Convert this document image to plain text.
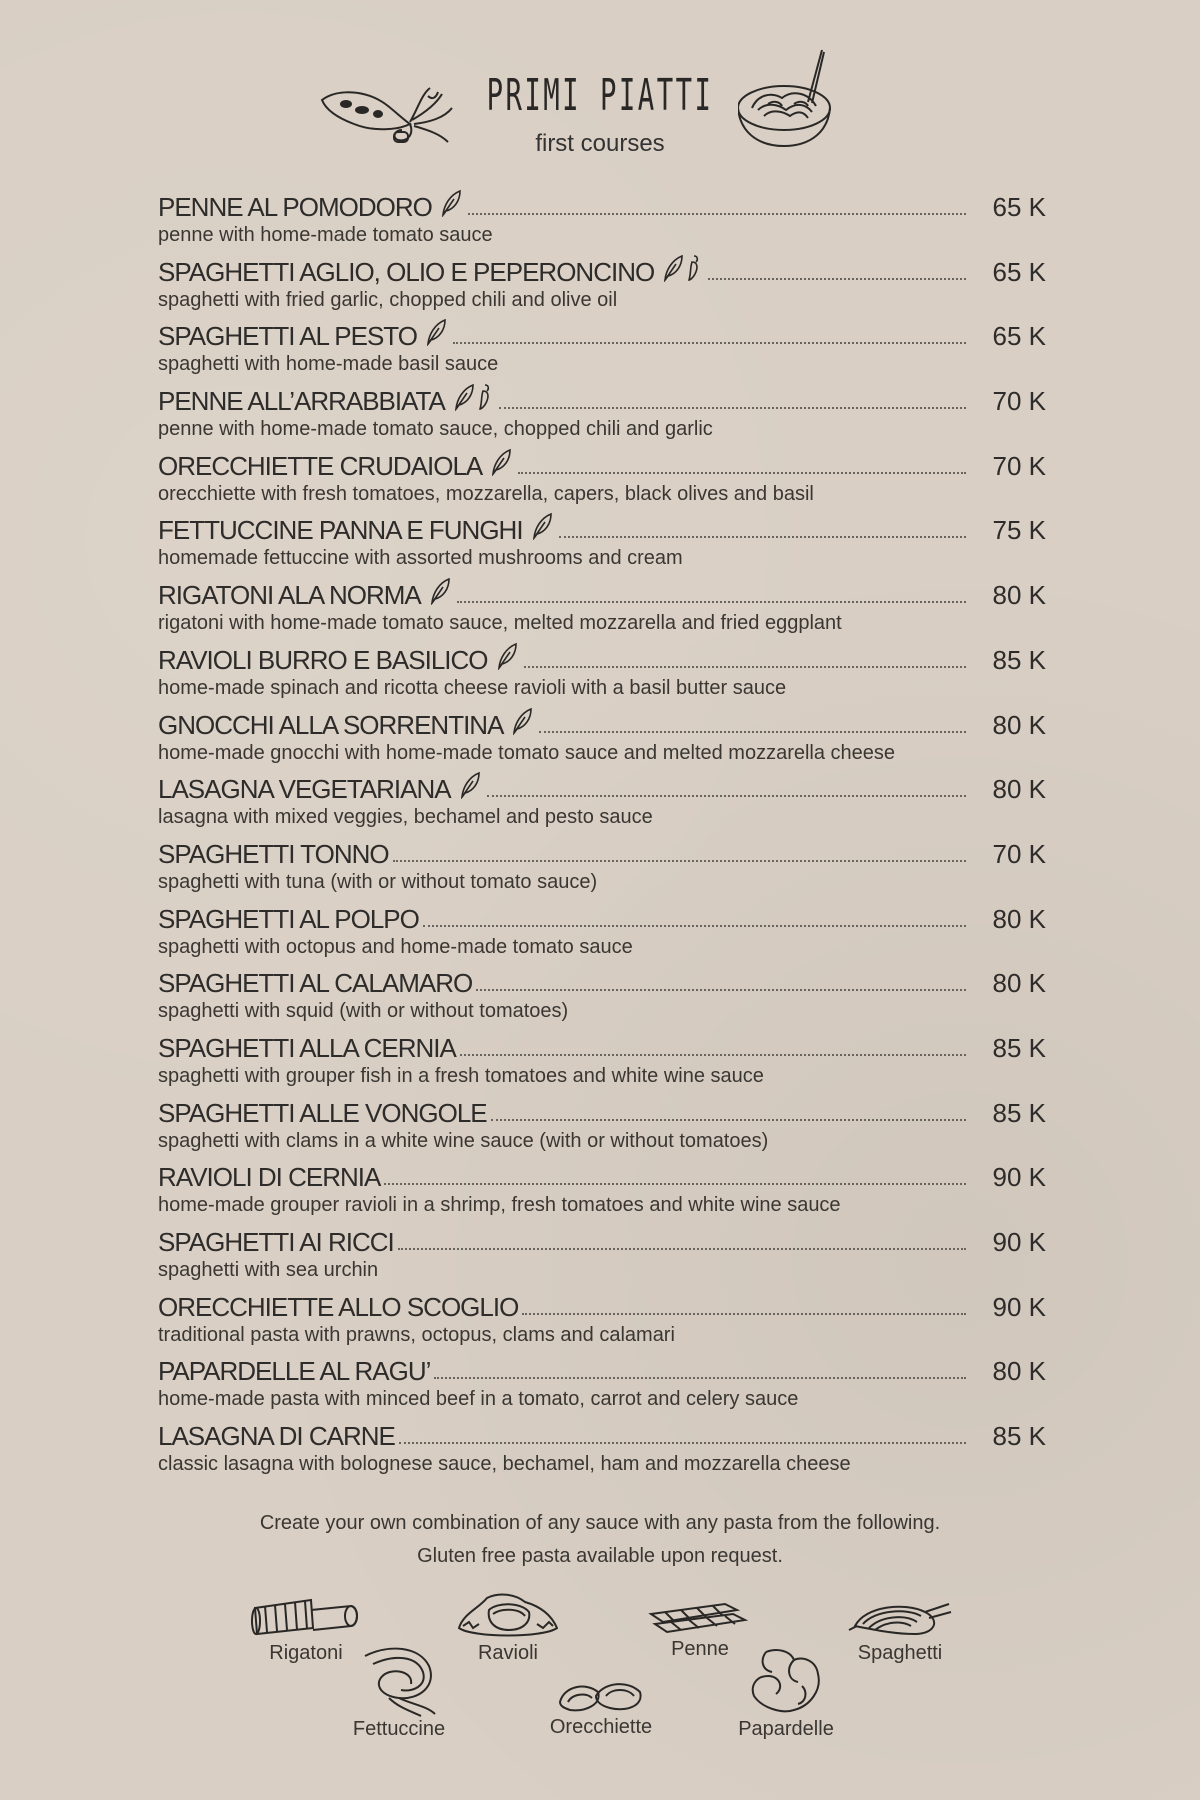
PRIMI PIATTI
first courses
PENNE AL POMODORO	65 K
penne with home-made tomato sauce
SPAGHETTI AGLIO, OLIO E PEPERONCINO	65 K
spaghetti with fried garlic, chopped chili and olive oil
SPAGHETTI AL PESTO	65 K
spaghetti with home-made basil sauce
PENNE ALL’ARRABBIATA	70 K
penne with home-made tomato sauce, chopped chili and garlic
ORECCHIETTE CRUDAIOLA	70 K
orecchiette with fresh tomatoes, mozzarella, capers, black olives and basil
FETTUCCINE PANNA E FUNGHI	75 K
homemade fettuccine with assorted mushrooms and cream
RIGATONI ALA NORMA	80 K
rigatoni with home-made tomato sauce, melted mozzarella and fried eggplant
RAVIOLI BURRO E BASILICO	85 K
home-made spinach and ricotta cheese ravioli with a basil butter sauce
GNOCCHI ALLA SORRENTINA	80 K
home-made gnocchi with home-made tomato sauce and melted mozzarella cheese
LASAGNA VEGETARIANA	80 K
lasagna with mixed veggies, bechamel and pesto sauce
SPAGHETTI TONNO	70 K
spaghetti with tuna (with or without tomato sauce)
SPAGHETTI AL POLPO	80 K
spaghetti with octopus and home-made tomato sauce
SPAGHETTI AL CALAMARO	80 K
spaghetti with squid (with or without tomatoes)
SPAGHETTI ALLA CERNIA	85 K
spaghetti with grouper fish in a fresh tomatoes and white wine sauce
SPAGHETTI ALLE VONGOLE	85 K
spaghetti with clams in a white wine sauce (with or without tomatoes)
RAVIOLI DI CERNIA	90 K
home-made grouper ravioli in a shrimp, fresh tomatoes and white wine sauce
SPAGHETTI AI RICCI	90 K
spaghetti with sea urchin
ORECCHIETTE ALLO SCOGLIO	90 K
traditional pasta with prawns, octopus, clams and calamari
PAPARDELLE AL RAGU’	80 K
home-made pasta with minced beef in a tomato, carrot and celery sauce
LASAGNA DI CARNE	85 K
classic lasagna with bolognese sauce, bechamel, ham and mozzarella cheese
Create your own combination of any sauce with any pasta from the following.
Gluten free pasta available upon request.
Rigatoni	Ravioli	Penne	Spaghetti
Fettuccine	Orecchiette	Papardelle
